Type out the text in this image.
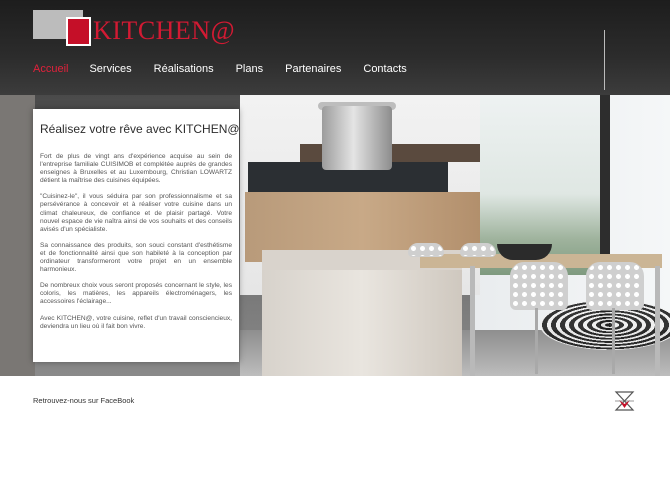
KITCHEN@
Accueil Services Réalisations Plans Partenaires Contacts
Réalisez votre rêve avec KITCHEN@

Fort de plus de vingt ans d'expérience acquise au sein de l'entreprise familiale CUISIMOB et complétée auprès de grandes enseignes à Bruxelles et au Luxembourg, Christian LOWARTZ détient la maîtrise des cuisines équipées.

"Cuisinez-le", il vous séduira par son professionnalisme et sa persévérance à concevoir et à réaliser votre cuisine dans un climat chaleureux, de confiance et de plaisir partagé. Votre nouvel espace de vie naîtra ainsi de vos souhaits et des conseils avisés d'un spécialiste.

Sa connaissance des produits, son souci constant d'esthétisme et de fonctionnalité ainsi que son habileté à la conception par ordinateur transformeront votre projet en un ensemble harmonieux.

De nombreux choix vous seront proposés concernant le style, les coloris, les matières, les appareils électroménagers, les accessoires l'éclairage...

Avec KITCHEN@, votre cuisine, reflet d'un travail consciencieux, deviendra un lieu où il fait bon vivre.

Retrouvez-nous sur FaceBook
